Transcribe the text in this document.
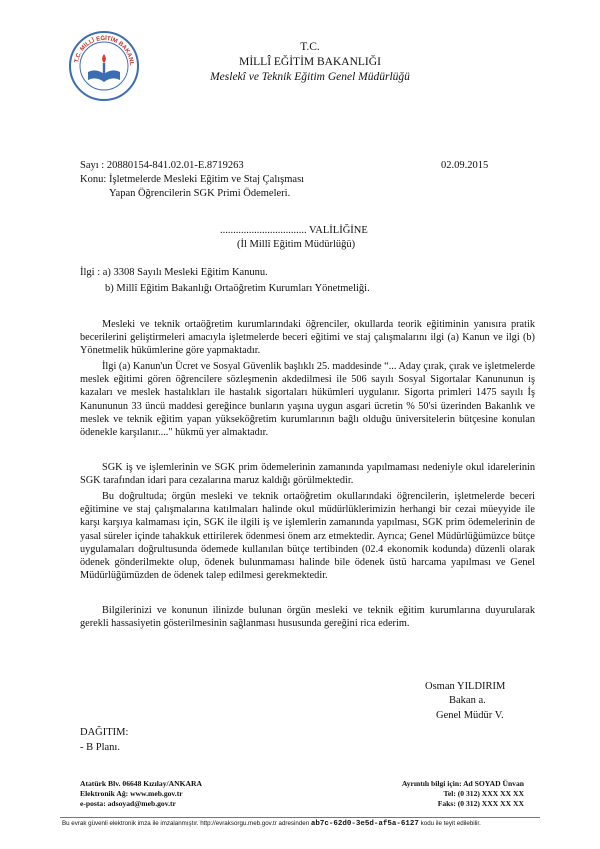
T.C. MİLLÎ EĞİTİM BAKANL
T.C.
MİLLÎ EĞİTİM BAKANLIĞI
Meslekî ve Teknik Eğitim Genel Müdürlüğü
Sayı : 20880154-841.02.01-E.8719263	02.09.2015
Konu: İşletmelerde Mesleki Eğitim ve Staj Çalışması
Yapan Öğrencilerin SGK Primi Ödemeleri.
................................. VALİLİĞİNE
(İl Millî Eğitim Müdürlüğü)
İlgi : a) 3308 Sayılı Mesleki Eğitim Kanunu.
b) Millî Eğitim Bakanlığı Ortaöğretim Kurumları Yönetmeliği.

Mesleki ve teknik ortaöğretim kurumlarındaki öğrenciler, okullarda teorik eğitiminin yanısıra pratik becerilerini geliştirmeleri amacıyla işletmelerde beceri eğitimi ve staj çalışmalarını ilgi (a) Kanun ve ilgi (b) Yönetmelik hükümlerine göre yapmaktadır.

İlgi (a) Kanun'un Ücret ve Sosyal Güvenlik başlıklı 25. maddesinde “... Aday çırak, çırak ve işletmelerde meslek eğitimi gören öğrencilere sözleşmenin akdedilmesi ile 506 sayılı Sosyal Sigortalar Kanununun iş kazaları ve meslek hastalıkları ile hastalık sigortaları hükümleri uygulanır. Sigorta primleri 1475 sayılı İş Kanununun 33 üncü maddesi gereğince bunların yaşına uygun asgari ücretin % 50'si üzerinden Bakanlık ve meslek ve teknik eğitim yapan yükseköğretim kurumlarının bağlı olduğu üniversitelerin bütçesine konulan ödenekle karşılanır...." hükmü yer almaktadır.

SGK iş ve işlemlerinin ve SGK prim ödemelerinin zamanında yapılmaması nedeniyle okul idarelerinin SGK tarafından idari para cezalarına maruz kaldığı görülmektedir.

Bu doğrultuda; örgün mesleki ve teknik ortaöğretim okullarındaki öğrencilerin, işletmelerde beceri eğitimine ve staj çalışmalarına katılmaları halinde okul müdürlüklerimizin herhangi bir cezai müeyyide ile karşı karşıya kalmaması için, SGK ile ilgili iş ve işlemlerin zamanında yapılması, SGK prim ödemelerinin de yasal süreler içinde tahakkuk ettirilerek ödenmesi önem arz etmektedir. Ayrıca; Genel Müdürlüğümüzce bütçe uygulamaları doğrultusunda ödemede kullanılan bütçe tertibinden (02.4 ekonomik kodunda) düzenli olarak ödenek gönderilmekte olup, ödenek bulunmaması halinde bile ödenek üstü harcama yapılması ve Genel Müdürlüğümüzden de ödenek talep edilmesi gerekmektedir.

Bilgilerinizi ve konunun ilinizde bulunan örgün mesleki ve teknik eğitim kurumlarına duyurularak gerekli hassasiyetin gösterilmesinin sağlanması hususunda gereğini rica ederim.

Osman YILDIRIM
Bakan a.
Genel Müdür V.
DAĞITIM:
- B Planı.
Atatürk Blv. 06648 Kızılay/ANKARA
Elektronik Ağ: www.meb.gov.tr
e-posta: adsoyad@meb.gov.tr
Ayrıntılı bilgi için: Ad SOYAD Ünvan
Tel: (0 312) XXX XX XX
Faks: (0 312) XXX XX XX
Bu evrak güvenli elektronik imza ile imzalanmıştır. http://evraksorgu.meb.gov.tr adresinden ab7c-62d0-3e5d-af5a-6127 kodu ile teyit edilebilir.
